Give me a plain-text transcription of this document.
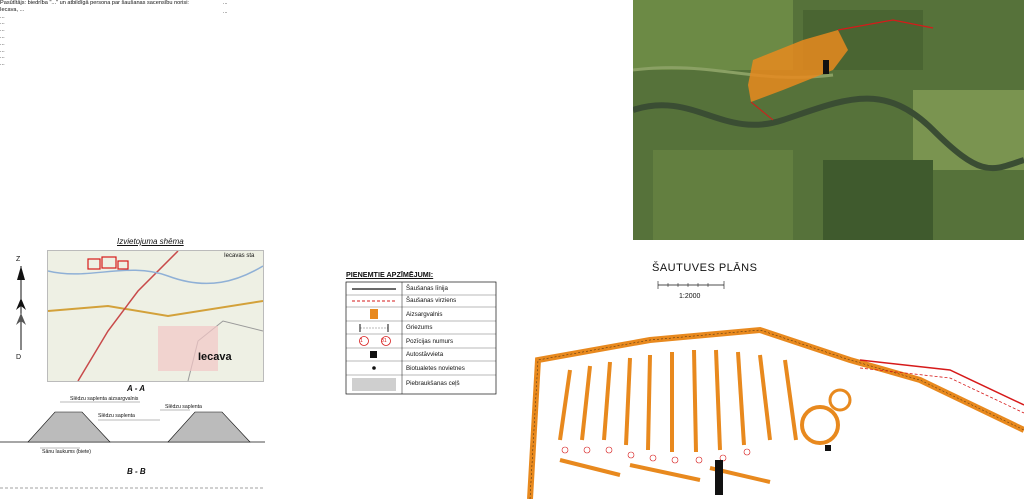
Pasūtītājs: biedrība "..." un atbildīgā persona par šaušanas sacensību norisi:
Iecava, ...
...
...
...
...
...
...
...
...

...

...

Izvietojuma shēma
Iecava
Iecavas sta
Z
D
A - A
Slēdzu saplenta aizsargvalnis
Slēdzu saplenta
Slēdzu saplenta
Sānu laukums (biete)
B - B
1	31
PIENEMTIE APZĪMĒJUMI:
Šaušanas līnija
Šaušanas virziens
Aizsargvalnis
Griezums
Pozīcijas numurs
Autostāvvieta
Biotualetes novietnes
Piebraukšanas ceļš
ŠAUTUVES PLĀNS
1:2000
